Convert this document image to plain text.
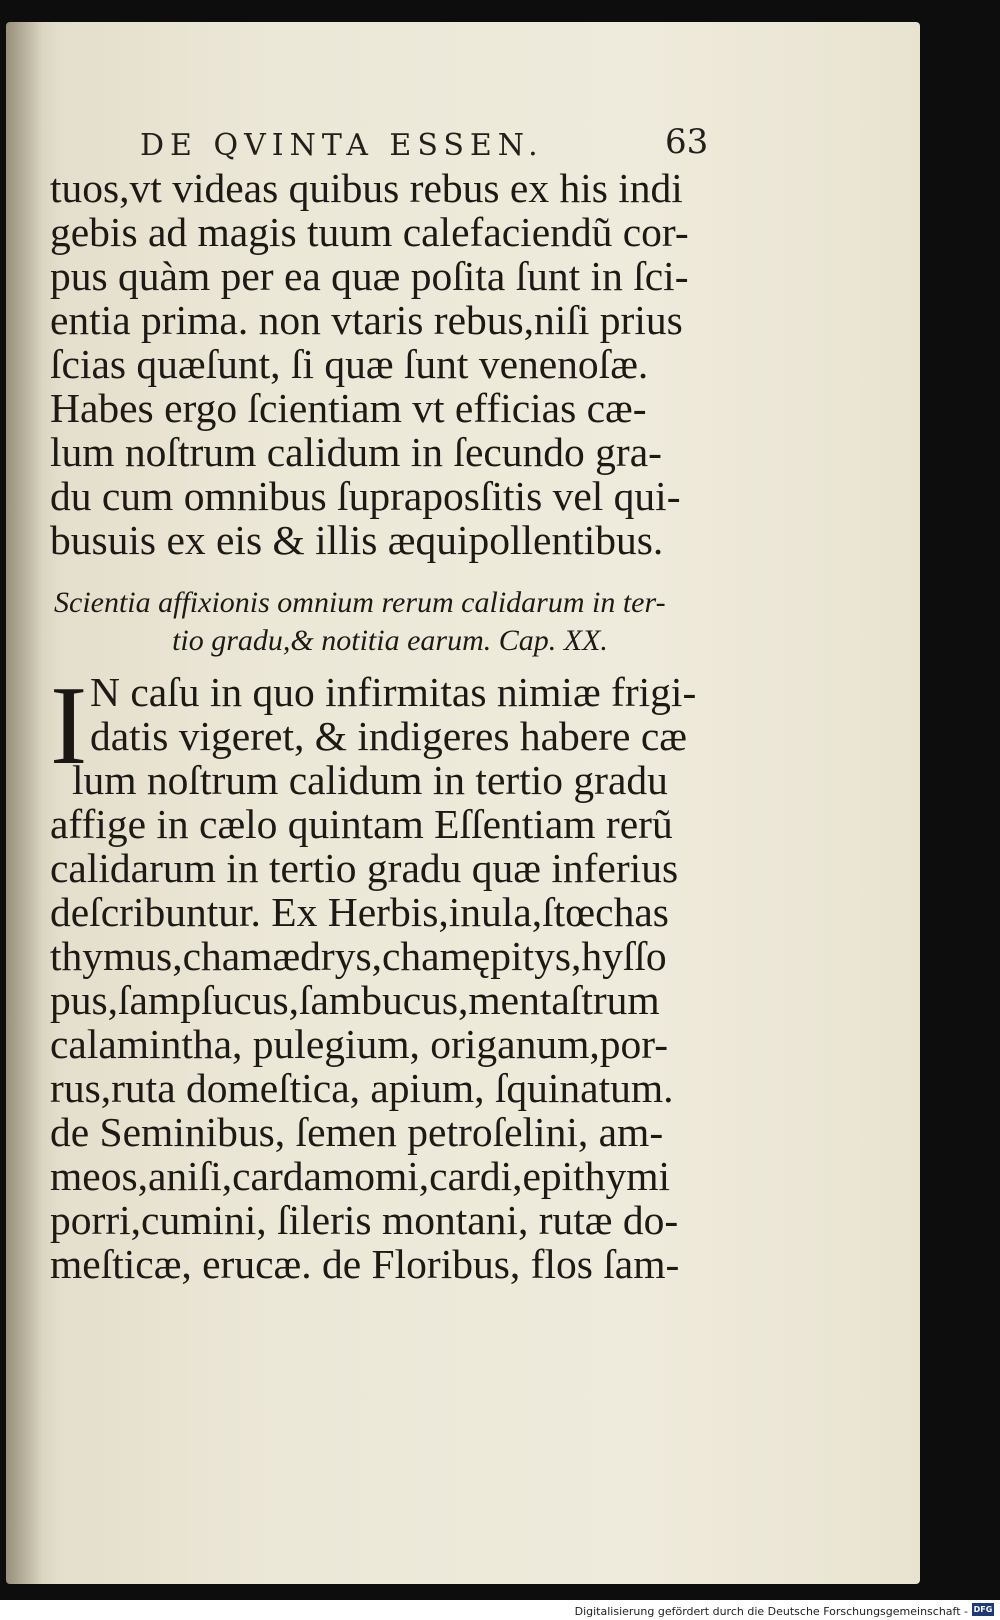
DE QVINTA ESSEN.	63
tuos,vt videas quibus rebus ex his indi
gebis ad magis tuum calefaciendũ cor-
pus quàm per ea quæ poſita ſunt in ſci-
entia prima. non vtaris rebus,niſi prius
ſcias quæſunt, ſi quæ ſunt venenoſæ.
Habes ergo ſcientiam vt efficias cæ-
lum noſtrum calidum in ſecundo gra-
du cum omnibus ſupraposſitis vel qui-
busuis ex eis & illis æquipollentibus.
Scientia affixionis omnium rerum calidarum in ter-
tio gradu,& notitia earum. Cap. XX.
I N caſu in quo infirmitas nimiæ frigi-
datis vigeret, & indigeres habere cæ
lum noſtrum calidum in tertio gradu
affige in cælo quintam Eſſentiam rerũ
calidarum in tertio gradu quæ inferius
deſcribuntur. Ex Herbis,inula,ſtœchas
thymus,chamædrys,chamępitys,hyſſo
pus,ſampſucus,ſambucus,mentaſtrum
calamintha, pulegium, origanum,por-
rus,ruta domeſtica, apium, ſquinatum.
de Seminibus, ſemen petroſelini, am-
meos,aniſi,cardamomi,cardi,epithymi
porri,cumini, ſileris montani, rutæ do-
meſticæ, erucæ. de Floribus, flos ſam-
Digitalisierung gefördert durch die Deutsche Forschungsgemeinschaft - DFG
